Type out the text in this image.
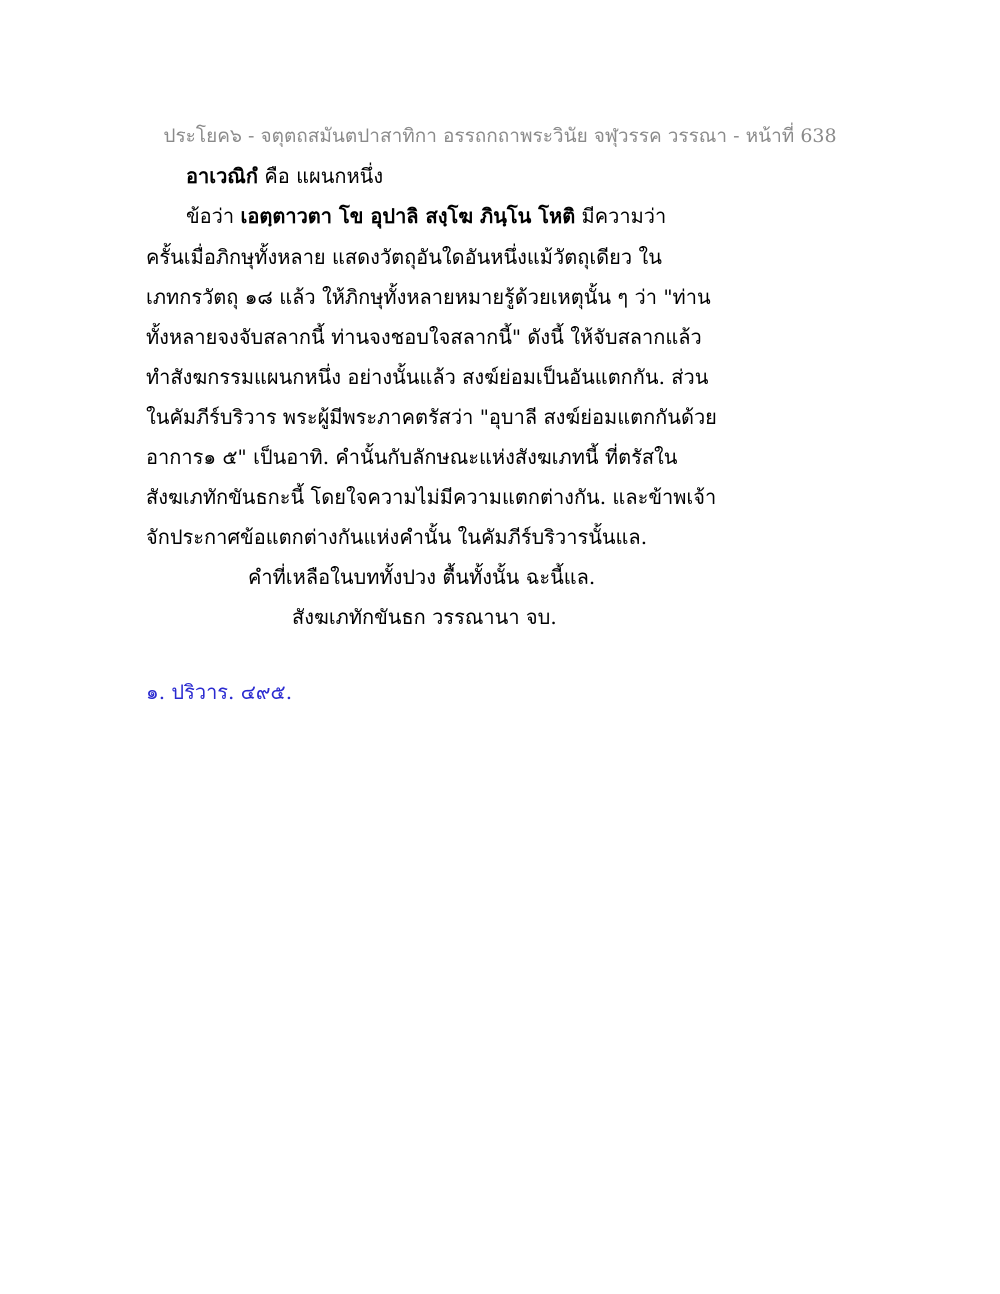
ประโยค๖ - จตุตถสมันตปาสาทิกา อรรถกถาพระวินัย จฬุวรรค วรรณา - หน้าที่ 638
อาเวณิกํ คือ แผนกหนึ่ง
ข้อว่า เอตฺตาวตา โข อุปาลิ สงฺโฆ ภินฺโน โหติ มีความว่า
ครั้นเมื่อภิกษุทั้งหลาย แสดงวัตถุอันใดอันหนึ่งแม้วัตถุเดียว ใน
เภทกรวัตถุ ๑๘ แล้ว ให้ภิกษุทั้งหลายหมายรู้ด้วยเหตุนั้น ๆ ว่า "ท่าน
ทั้งหลายจงจับสลากนี้ ท่านจงชอบใจสลากนี้" ดังนี้ ให้จับสลากแล้ว
ทำสังฆกรรมแผนกหนึ่ง อย่างนั้นแล้ว สงฆ์ย่อมเป็นอันแตกกัน. ส่วน
ในคัมภีร์บริวาร พระผู้มีพระภาคตรัสว่า "อุบาลี สงฆ์ย่อมแตกกันด้วย
อาการ๑ ๕" เป็นอาทิ. คำนั้นกับลักษณะแห่งสังฆเภทนี้ ที่ตรัสใน
สังฆเภทักขันธกะนี้ โดยใจความไม่มีความแตกต่างกัน. และข้าพเจ้า
จักประกาศข้อแตกต่างกันแห่งคำนั้น ในคัมภีร์บริวารนั้นแล.
คำที่เหลือในบททั้งปวง ตื้นทั้งนั้น ฉะนี้แล.
สังฆเภทักขันธก วรรณานา จบ.
๑. ปริวาร. ๔๙๕.
